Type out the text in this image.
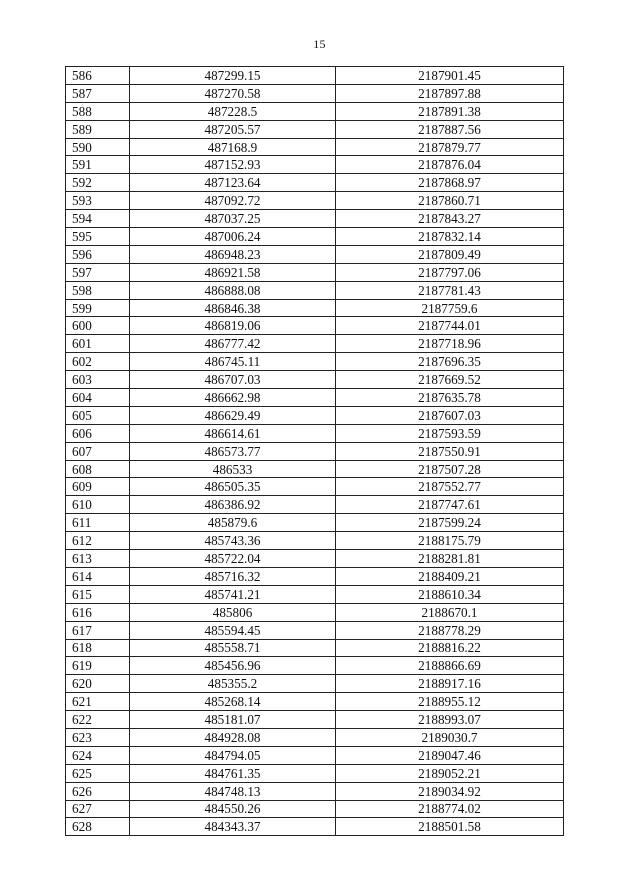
15
586	487299.15	2187901.45
587	487270.58	2187897.88
588	487228.5	2187891.38
589	487205.57	2187887.56
590	487168.9	2187879.77
591	487152.93	2187876.04
592	487123.64	2187868.97
593	487092.72	2187860.71
594	487037.25	2187843.27
595	487006.24	2187832.14
596	486948.23	2187809.49
597	486921.58	2187797.06
598	486888.08	2187781.43
599	486846.38	2187759.6
600	486819.06	2187744.01
601	486777.42	2187718.96
602	486745.11	2187696.35
603	486707.03	2187669.52
604	486662.98	2187635.78
605	486629.49	2187607.03
606	486614.61	2187593.59
607	486573.77	2187550.91
608	486533	2187507.28
609	486505.35	2187552.77
610	486386.92	2187747.61
611	485879.6	2187599.24
612	485743.36	2188175.79
613	485722.04	2188281.81
614	485716.32	2188409.21
615	485741.21	2188610.34
616	485806	2188670.1
617	485594.45	2188778.29
618	485558.71	2188816.22
619	485456.96	2188866.69
620	485355.2	2188917.16
621	485268.14	2188955.12
622	485181.07	2188993.07
623	484928.08	2189030.7
624	484794.05	2189047.46
625	484761.35	2189052.21
626	484748.13	2189034.92
627	484550.26	2188774.02
628	484343.37	2188501.58
